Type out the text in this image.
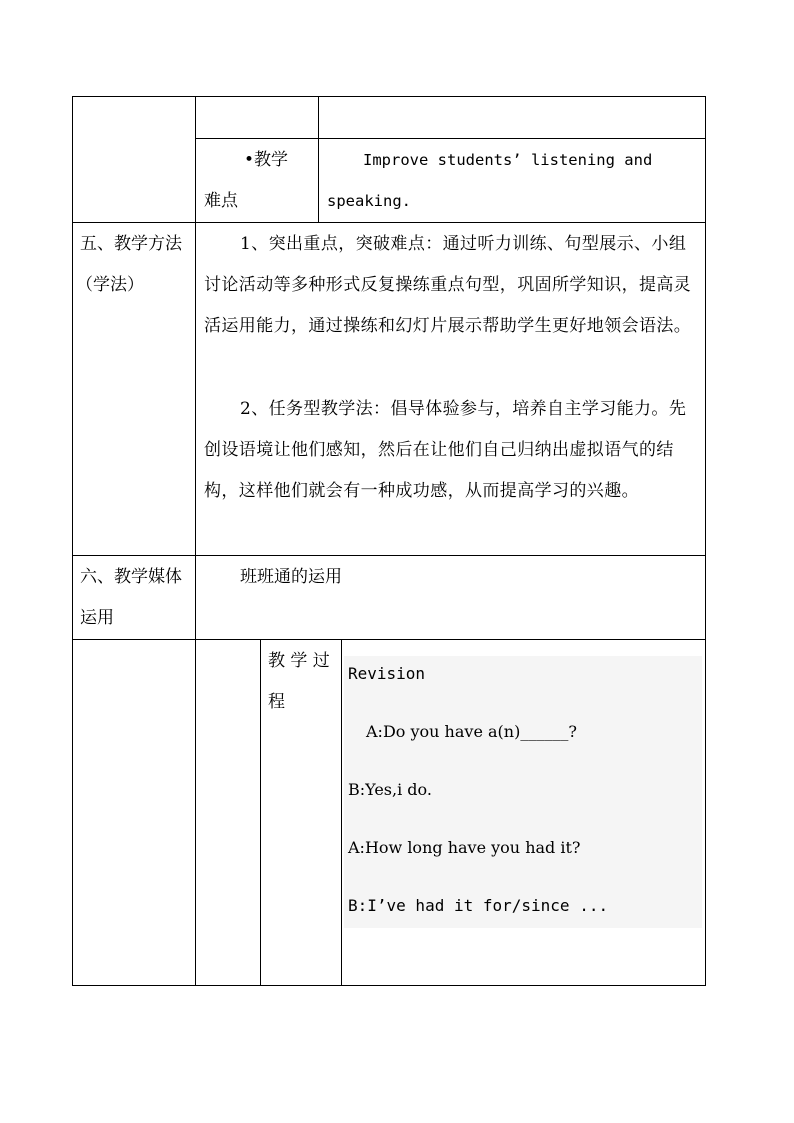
•教学
难点
Improve students’ listening and
speaking.
五、教学方法
（学法）
1、突出重点，突破难点：通过听力训练、句型展示、小组讨论活动等多种形式反复操练重点句型，巩固所学知识，提高灵活运用能力，通过操练和幻灯片展示帮助学生更好地领会语法。
2、任务型教学法：倡导体验参与，培养自主学习能力。先创设语境让他们感知，然后在让他们自己归纳出虚拟语气的结构，这样他们就会有一种成功感，从而提高学习的兴趣。
六、教学媒体
运用
班班通的运用
教 学 过
程
Revision
A:Do you have a(n)______?
B:Yes,i do.
A:How long have you had it?
B:I’ve had it for/since ...
